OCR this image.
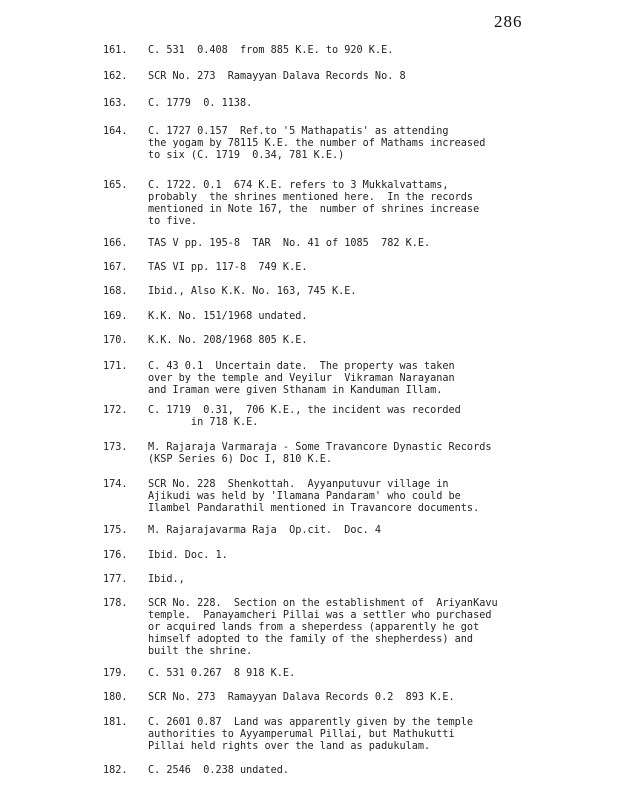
286
161. C. 531  0.408  from 885 K.E. to 920 K.E.
162. SCR No. 273  Ramayyan Dalava Records No. 8
163. C. 1779  0. 1138.
164. C. 1727 0.157  Ref.to '5 Mathapatis' as attending
the yogam by 78115 K.E. the number of Mathams increased
to six (C. 1719  0.34, 781 K.E.)
165. C. 1722. 0.1  674 K.E. refers to 3 Mukkalvattams,
probably  the shrines mentioned here.  In the records
mentioned in Note 167, the  number of shrines increase
to five.
166. TAS V pp. 195-8  TAR  No. 41 of 1085  782 K.E.
167. TAS VI pp. 117-8  749 K.E.
168. Ibid., Also K.K. No. 163, 745 K.E.
169. K.K. No. 151/1968 undated.
170. K.K. No. 208/1968 805 K.E.
171. C. 43 0.1  Uncertain date.  The property was taken
over by the temple and Veyilur  Vikraman Narayanan
and Iraman were given Sthanam in Kanduman Illam.
172. C. 1719  0.31,  706 K.E., the incident was recorded
in 718 K.E.
173. M. Rajaraja Varmaraja - Some Travancore Dynastic Records
(KSP Series 6) Doc I, 810 K.E.
174. SCR No. 228  Shenkottah.  Ayyanputuvur village in
Ajikudi was held by 'Ilamana Pandaram' who could be
Ilambel Pandarathil mentioned in Travancore documents.
175. M. Rajarajavarma Raja  Op.cit.  Doc. 4
176. Ibid. Doc. 1.
177. Ibid.,
178. SCR No. 228.  Section on the establishment of  AriyanKavu
temple.  Panayamcheri Pillai was a settler who purchased
or acquired lands from a sheperdess (apparently he got
himself adopted to the family of the shepherdess) and
built the shrine.
179. C. 531 0.267  8 918 K.E.
180. SCR No. 273  Ramayyan Dalava Records 0.2  893 K.E.
181. C. 2601 0.87  Land was apparently given by the temple
authorities to Ayyamperumal Pillai, but Mathukutti
Pillai held rights over the land as padukulam.
182. C. 2546  0.238 undated.
